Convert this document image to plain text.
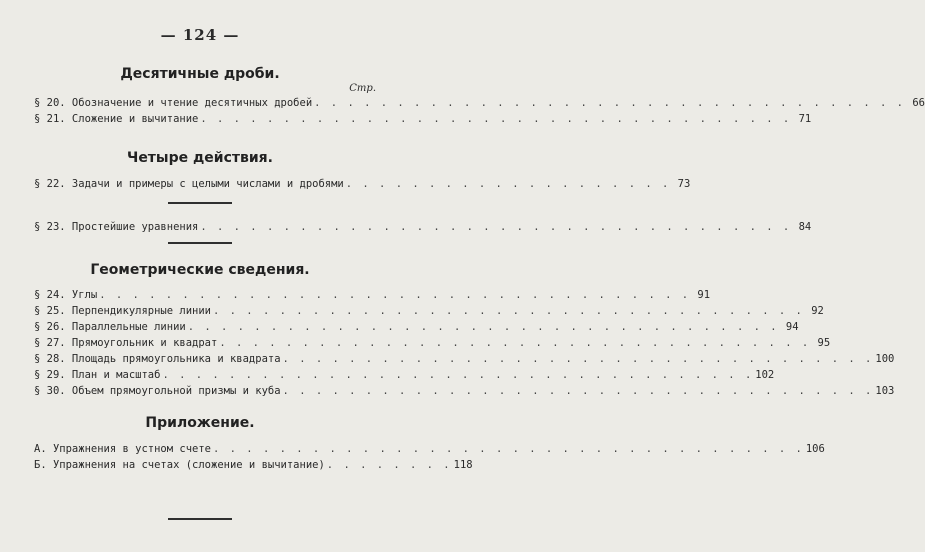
— 124 —
Десятичные дроби.
Стр.
§ 20. Обозначение и чтение десятичных дробей . . . . . . . . . . . . . . . . . . . . . . . . . . . . . . . . . . . . 66
§ 21. Сложение и вычитание . . . . . . . . . . . . . . . . . . . . . . . . . . . . . . . . . . . . 71
Четыре действия.
§ 22. Задачи и примеры с целыми числами и дробями . . . . . . . . . . . . . . . . . . . . 73
§ 23. Простейшие уравнения . . . . . . . . . . . . . . . . . . . . . . . . . . . . . . . . . . . . 84
Геометрические сведения.
§ 24. Углы . . . . . . . . . . . . . . . . . . . . . . . . . . . . . . . . . . . . 91
§ 25. Перпендикулярные линии . . . . . . . . . . . . . . . . . . . . . . . . . . . . . . . . . . . . 92
§ 26. Параллельные линии . . . . . . . . . . . . . . . . . . . . . . . . . . . . . . . . . . . . 94
§ 27. Прямоугольник и квадрат . . . . . . . . . . . . . . . . . . . . . . . . . . . . . . . . . . . . 95
§ 28. Площадь прямоугольника и квадрата . . . . . . . . . . . . . . . . . . . . . . . . . . . . . . . . . . . . 100
§ 29. План и масштаб . . . . . . . . . . . . . . . . . . . . . . . . . . . . . . . . . . . . 102
§ 30. Объем прямоугольной призмы и куба . . . . . . . . . . . . . . . . . . . . . . . . . . . . . . . . . . . . 103
Приложение.
А. Упражнения в устном счете . . . . . . . . . . . . . . . . . . . . . . . . . . . . . . . . . . . . 106
Б. Упражнения на счетах (сложение и вычитание) . . . . . . . . 118
